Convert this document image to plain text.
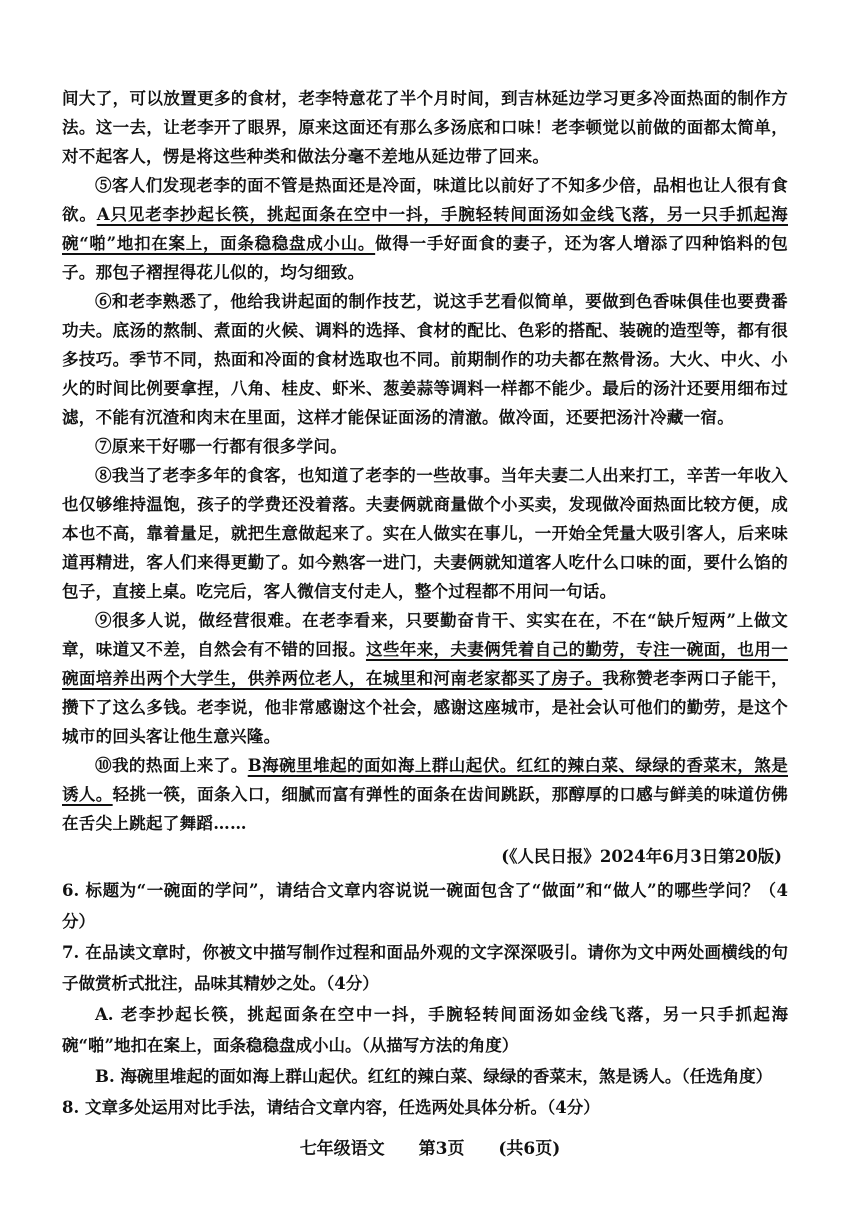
间大了，可以放置更多的食材，老李特意花了半个月时间，到吉林延边学习更多冷面热面的制作方法。这一去，让老李开了眼界，原来这面还有那么多汤底和口味！老李顿觉以前做的面都太简单，对不起客人，愣是将这些种类和做法分毫不差地从延边带了回来。

⑤客人们发现老李的面不管是热面还是冷面，味道比以前好了不知多少倍，品相也让人很有食欲。A只见老李抄起长筷，挑起面条在空中一抖，手腕轻转间面汤如金线飞落，另一只手抓起海碗“啪”地扣在案上，面条稳稳盘成小山。做得一手好面食的妻子，还为客人增添了四种馅料的包子。那包子褶捏得花儿似的，均匀细致。

⑥和老李熟悉了，他给我讲起面的制作技艺，说这手艺看似简单，要做到色香味俱佳也要费番功夫。底汤的熬制、煮面的火候、调料的选择、食材的配比、色彩的搭配、装碗的造型等，都有很多技巧。季节不同，热面和冷面的食材选取也不同。前期制作的功夫都在熬骨汤。大火、中火、小火的时间比例要拿捏，八角、桂皮、虾米、葱姜蒜等调料一样都不能少。最后的汤汁还要用细布过滤，不能有沉渣和肉末在里面，这样才能保证面汤的清澈。做冷面，还要把汤汁冷藏一宿。

⑦原来干好哪一行都有很多学问。

⑧我当了老李多年的食客，也知道了老李的一些故事。当年夫妻二人出来打工，辛苦一年收入也仅够维持温饱，孩子的学费还没着落。夫妻俩就商量做个小买卖，发现做冷面热面比较方便，成本也不高，靠着量足，就把生意做起来了。实在人做实在事儿，一开始全凭量大吸引客人，后来味道再精进，客人们来得更勤了。如今熟客一进门，夫妻俩就知道客人吃什么口味的面，要什么馅的包子，直接上桌。吃完后，客人微信支付走人，整个过程都不用问一句话。

⑨很多人说，做经营很难。在老李看来，只要勤奋肯干、实实在在，不在“缺斤短两”上做文章，味道又不差，自然会有不错的回报。这些年来，夫妻俩凭着自己的勤劳，专注一碗面，也用一碗面培养出两个大学生，供养两位老人，在城里和河南老家都买了房子。我称赞老李两口子能干，攒下了这么多钱。老李说，他非常感谢这个社会，感谢这座城市，是社会认可他们的勤劳，是这个城市的回头客让他生意兴隆。

⑩我的热面上来了。B海碗里堆起的面如海上群山起伏。红红的辣白菜、绿绿的香菜末，煞是诱人。轻挑一筷，面条入口，细腻而富有弹性的面条在齿间跳跃，那醇厚的口感与鲜美的味道仿佛在舌尖上跳起了舞蹈……

(《人民日报》2024年6月3日第20版)

6. 标题为“一碗面的学问”，请结合文章内容说说一碗面包含了“做面”和“做人”的哪些学问？（4分）

7. 在品读文章时，你被文中描写制作过程和面品外观的文字深深吸引。请你为文中两处画横线的句子做赏析式批注，品味其精妙之处。（4分）

A. 老李抄起长筷，挑起面条在空中一抖，手腕轻转间面汤如金线飞落，另一只手抓起海碗“啪”地扣在案上，面条稳稳盘成小山。（从描写方法的角度）

B. 海碗里堆起的面如海上群山起伏。红红的辣白菜、绿绿的香菜末，煞是诱人。（任选角度）

8. 文章多处运用对比手法，请结合文章内容，任选两处具体分析。（4分）

七年级语文 第3页 (共6页)
